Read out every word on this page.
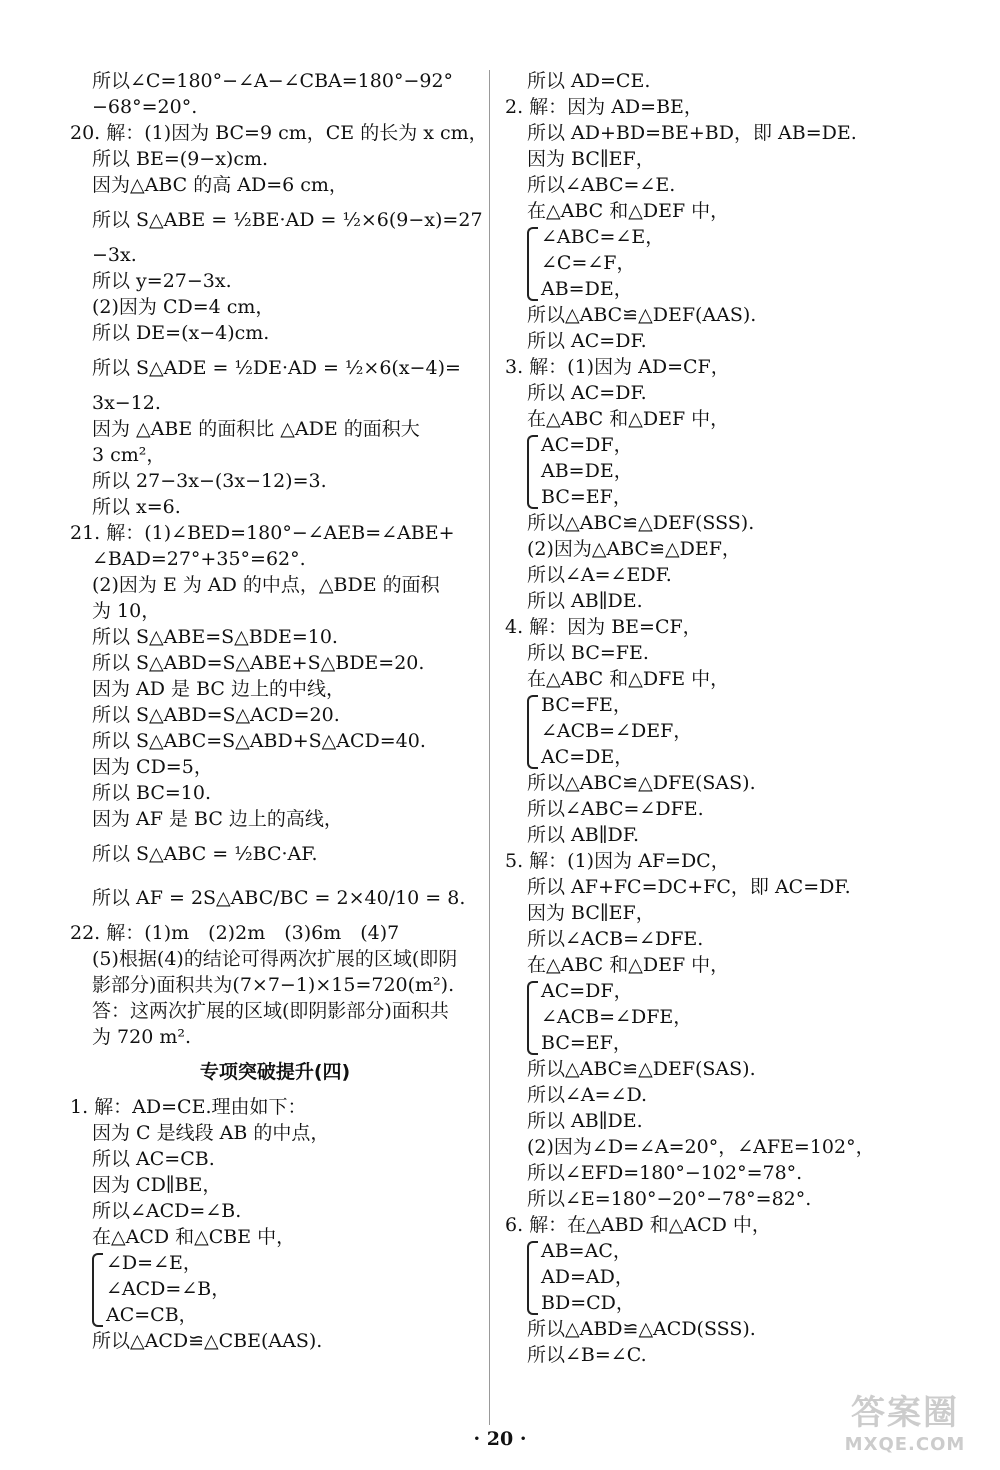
所以∠C=180°−∠A−∠CBA=180°−92°
−68°=20°.
20. 解：(1)因为 BC=9 cm，CE 的长为 x cm，
所以 BE=(9−x)cm.
因为△ABC 的高 AD=6 cm，
所以 S△ABE = ½BE·AD = ½×6(9−x)=27
−3x.
所以 y=27−3x.
(2)因为 CD=4 cm，
所以 DE=(x−4)cm.
所以 S△ADE = ½DE·AD = ½×6(x−4)=
3x−12.
因为 △ABE 的面积比 △ADE 的面积大
3 cm²，
所以 27−3x−(3x−12)=3.
所以 x=6.
21. 解：(1)∠BED=180°−∠AEB=∠ABE+
∠BAD=27°+35°=62°.
(2)因为 E 为 AD 的中点，△BDE 的面积
为 10，
所以 S△ABE=S△BDE=10.
所以 S△ABD=S△ABE+S△BDE=20.
因为 AD 是 BC 边上的中线，
所以 S△ABD=S△ACD=20.
所以 S△ABC=S△ABD+S△ACD=40.
因为 CD=5，
所以 BC=10.
因为 AF 是 BC 边上的高线，
所以 S△ABC = ½BC·AF.
所以 AF = 2S△ABC/BC = 2×40/10 = 8.
22. 解：(1)m　(2)2m　(3)6m　(4)7
(5)根据(4)的结论可得两次扩展的区域(即阴
影部分)面积共为(7×7−1)×15=720(m²).
答：这两次扩展的区域(即阴影部分)面积共
为 720 m².
专项突破提升(四)
1. 解：AD=CE.理由如下：
因为 C 是线段 AB 的中点，
所以 AC=CB.
因为 CD∥BE，
所以∠ACD=∠B.
在△ACD 和△CBE 中，
∠D=∠E，
∠ACD=∠B，
AC=CB，
所以△ACD≌△CBE(AAS).
所以 AD=CE.
2. 解：因为 AD=BE，
所以 AD+BD=BE+BD，即 AB=DE.
因为 BC∥EF，
所以∠ABC=∠E.
在△ABC 和△DEF 中，
∠ABC=∠E，
∠C=∠F，
AB=DE，
所以△ABC≌△DEF(AAS).
所以 AC=DF.
3. 解：(1)因为 AD=CF，
所以 AC=DF.
在△ABC 和△DEF 中，
AC=DF，
AB=DE，
BC=EF，
所以△ABC≌△DEF(SSS).
(2)因为△ABC≌△DEF，
所以∠A=∠EDF.
所以 AB∥DE.
4. 解：因为 BE=CF，
所以 BC=FE.
在△ABC 和△DFE 中，
BC=FE，
∠ACB=∠DEF，
AC=DE，
所以△ABC≌△DFE(SAS).
所以∠ABC=∠DFE.
所以 AB∥DF.
5. 解：(1)因为 AF=DC，
所以 AF+FC=DC+FC，即 AC=DF.
因为 BC∥EF，
所以∠ACB=∠DFE.
在△ABC 和△DEF 中，
AC=DF，
∠ACB=∠DFE，
BC=EF，
所以△ABC≌△DEF(SAS).
所以∠A=∠D.
所以 AB∥DE.
(2)因为∠D=∠A=20°，∠AFE=102°，
所以∠EFD=180°−102°=78°.
所以∠E=180°−20°−78°=82°.
6. 解：在△ABD 和△ACD 中，
AB=AC，
AD=AD，
BD=CD，
所以△ABD≌△ACD(SSS).
所以∠B=∠C.
· 20 ·
答案圈
MXQE.COM
